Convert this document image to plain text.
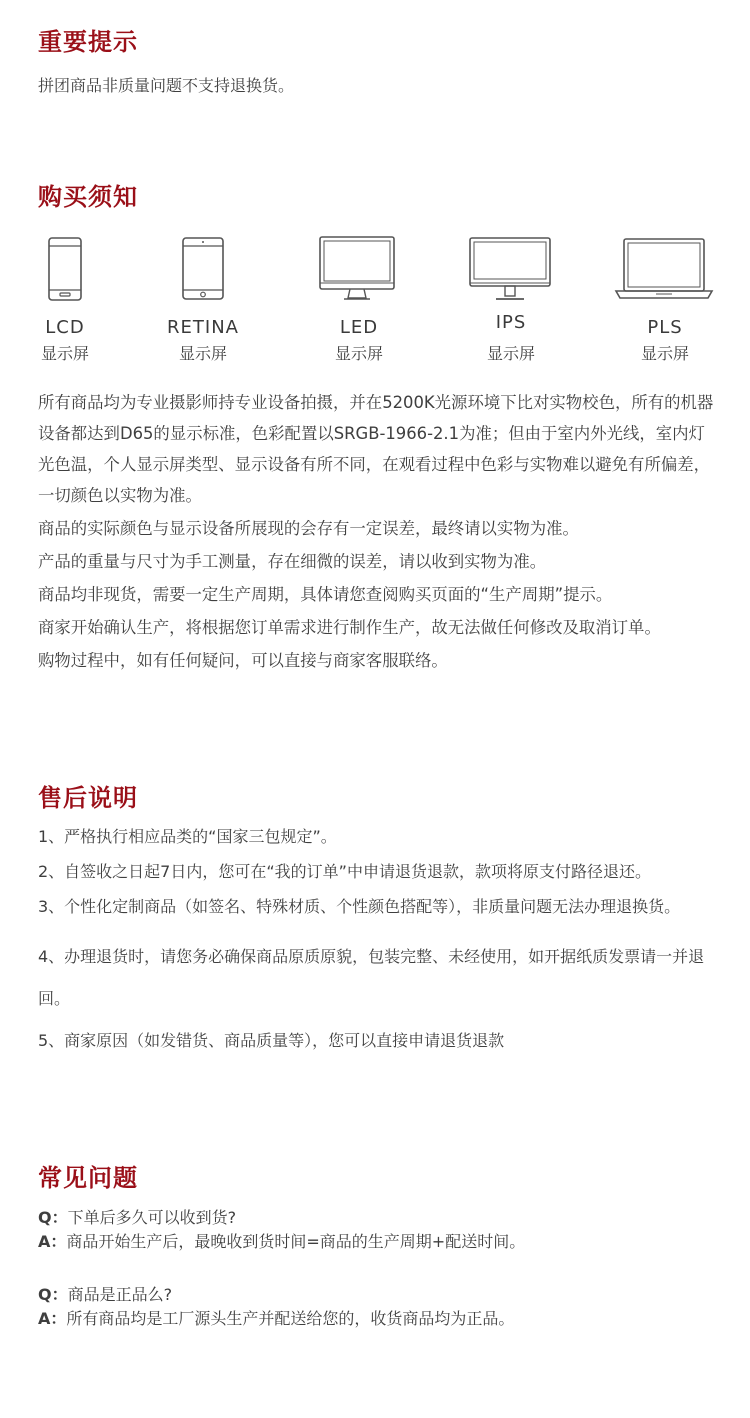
重要提示

拼团商品非质量问题不支持退换货。

购买须知
LCD
显示屏
RETINA
显示屏
LED
显示屏
IPS
显示屏
PLS
显示屏

所有商品均为专业摄影师持专业设备拍摄，并在5200K光源环境下比对实物校色，所有的机器设备都达到D65的显示标准，色彩配置以SRGB-1966-2.1为准；但由于室内外光线，室内灯光色温，个人显示屏类型、显示设备有所不同，在观看过程中色彩与实物难以避免有所偏差，一切颜色以实物为准。

商品的实际颜色与显示设备所展现的会存有一定误差，最终请以实物为准。

产品的重量与尺寸为手工测量，存在细微的误差，请以收到实物为准。

商品均非现货，需要一定生产周期，具体请您查阅购买页面的“生产周期”提示。

商家开始确认生产，将根据您订单需求进行制作生产，故无法做任何修改及取消订单。

购物过程中，如有任何疑问，可以直接与商家客服联络。

售后说明

1、严格执行相应品类的“国家三包规定”。

2、自签收之日起7日内，您可在“我的订单”中申请退货退款，款项将原支付路径退还。

3、个性化定制商品（如签名、特殊材质、个性颜色搭配等），非质量问题无法办理退换货。

4、办理退货时，请您务必确保商品原质原貌，包装完整、未经使用，如开据纸质发票请一并退回。

5、商家原因（如发错货、商品质量等），您可以直接申请退货退款

常见问题

Q：下单后多久可以收到货?

A：商品开始生产后，最晚收到货时间=商品的生产周期+配送时间。

Q：商品是正品么?

A：所有商品均是工厂源头生产并配送给您的，收货商品均为正品。
